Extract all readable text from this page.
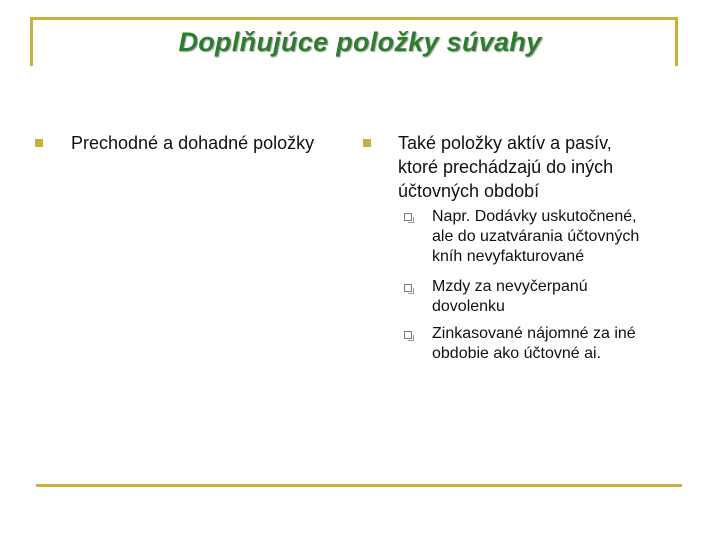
Doplňujúce položky súvahy
Prechodné a dohadné položky	Také položky aktív a pasív,
ktoré prechádzajú do iných
účtovných období
Napr. Dodávky uskutočnené,
ale do uzatvárania účtovných
kníh nevyfakturované
Mzdy za nevyčerpanú
dovolenku
Zinkasované nájomné za iné
obdobie ako účtovné ai.
